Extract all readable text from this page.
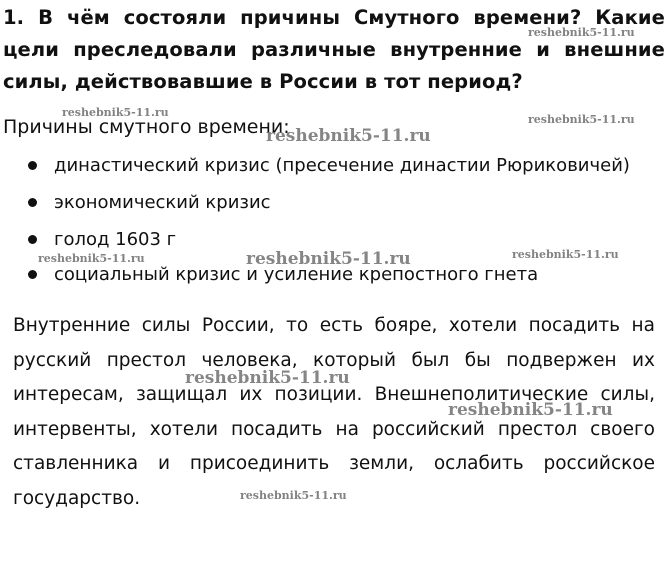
1. В чём состояли причины Смутного времени? Какие цели преследовали различные внутренние и внешние силы, действовавшие в России в тот период?
Причины смутного времени:
династический кризис (пресечение династии Рюриковичей)
экономический кризис
голод 1603 г
социальный кризис и усиление крепостного гнета
Внутренние силы России, то есть бояре, хотели посадить на
русский престол человека, который был бы подвержен их
интересам, защищал их позиции. Внешнеполитические силы,
интервенты, хотели посадить на российский престол своего
ставленника и присоединить земли, ослабить российское
государство.
reshebnik5-11.ru
reshebnik5-11.ru
reshebnik5-11.ru
reshebnik5-11.ru
reshebnik5-11.ru
reshebnik5-11.ru	reshebnik5-11.ru
reshebnik5-11.ru
reshebnik5-11.ru
reshebnik5-11.ru
